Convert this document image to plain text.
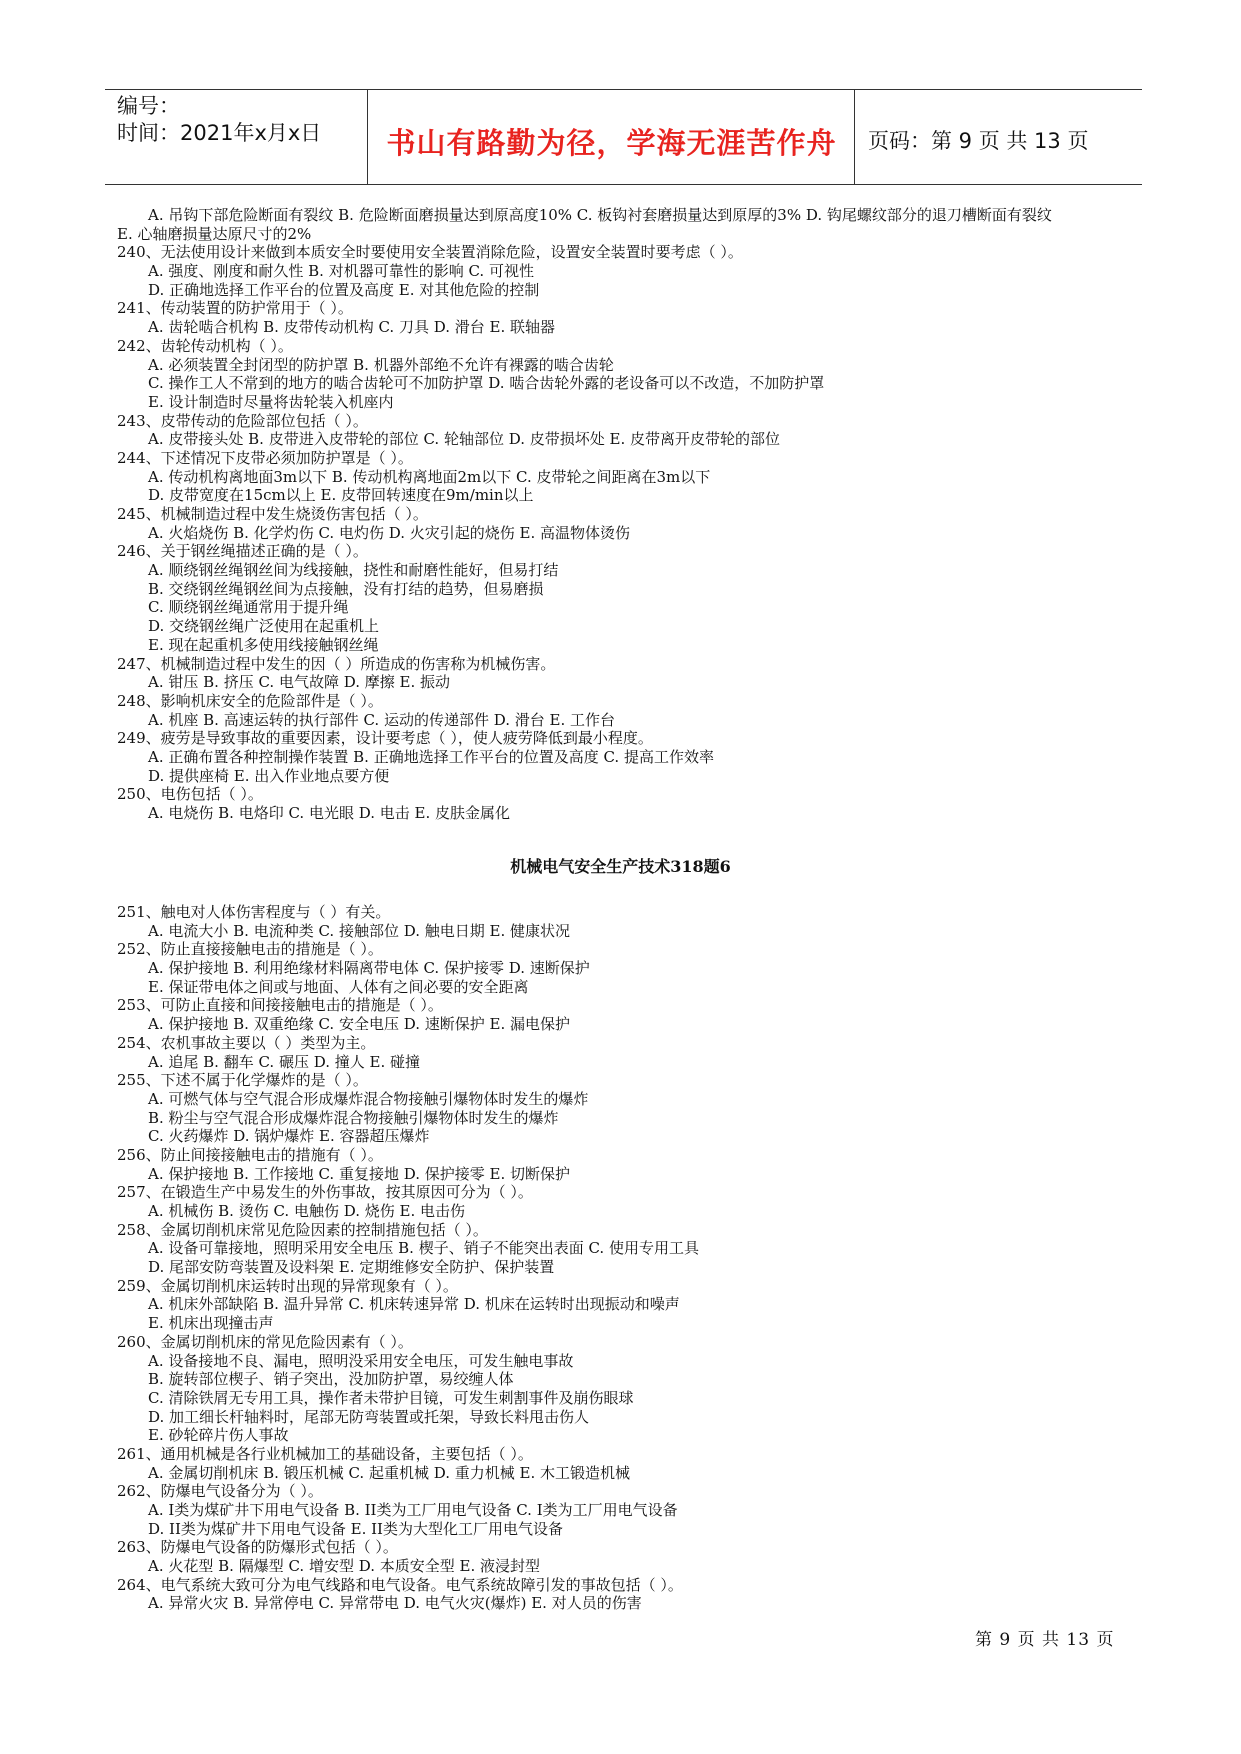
编号：
时间：2021年x月x日	书山有路勤为径，学海无涯苦作舟	页码：第 9 页 共 13 页
A. 吊钩下部危险断面有裂纹 B. 危险断面磨损量达到原高度10% C. 板钩衬套磨损量达到原厚的3% D. 钩尾螺纹部分的退刀槽断面有裂纹
E. 心轴磨损量达原尺寸的2%
240、无法使用设计来做到本质安全时要使用安全装置消除危险，设置安全装置时要考虑（ ）。
A. 强度、刚度和耐久性 B. 对机器可靠性的影响 C. 可视性
D. 正确地选择工作平台的位置及高度 E. 对其他危险的控制
241、传动装置的防护常用于（ ）。
A. 齿轮啮合机构 B. 皮带传动机构 C. 刀具 D. 滑台 E. 联轴器
242、齿轮传动机构（ ）。
A. 必须装置全封闭型的防护罩 B. 机器外部绝不允许有裸露的啮合齿轮
C. 操作工人不常到的地方的啮合齿轮可不加防护罩 D. 啮合齿轮外露的老设备可以不改造，不加防护罩
E. 设计制造时尽量将齿轮装入机座内
243、皮带传动的危险部位包括（ ）。
A. 皮带接头处 B. 皮带进入皮带轮的部位 C. 轮轴部位 D. 皮带损坏处 E. 皮带离开皮带轮的部位
244、下述情况下皮带必须加防护罩是（ ）。
A. 传动机构离地面3m以下 B. 传动机构离地面2m以下 C. 皮带轮之间距离在3m以下
D. 皮带宽度在15cm以上 E. 皮带回转速度在9m/min以上
245、机械制造过程中发生烧烫伤害包括（ ）。
A. 火焰烧伤 B. 化学灼伤 C. 电灼伤 D. 火灾引起的烧伤 E. 高温物体烫伤
246、关于钢丝绳描述正确的是（ ）。
A. 顺绕钢丝绳钢丝间为线接触，挠性和耐磨性能好，但易打结
B. 交绕钢丝绳钢丝间为点接触，没有打结的趋势，但易磨损
C. 顺绕钢丝绳通常用于提升绳
D. 交绕钢丝绳广泛使用在起重机上
E. 现在起重机多使用线接触钢丝绳
247、机械制造过程中发生的因（ ）所造成的伤害称为机械伤害。
A. 钳压 B. 挤压 C. 电气故障 D. 摩擦 E. 振动
248、影响机床安全的危险部件是（ ）。
A. 机座 B. 高速运转的执行部件 C. 运动的传递部件 D. 滑台 E. 工作台
249、疲劳是导致事故的重要因素，设计要考虑（ ），使人疲劳降低到最小程度。
A. 正确布置各种控制操作装置 B. 正确地选择工作平台的位置及高度 C. 提高工作效率
D. 提供座椅 E. 出入作业地点要方便
250、电伤包括（ ）。
A. 电烧伤 B. 电烙印 C. 电光眼 D. 电击 E. 皮肤金属化
机械电气安全生产技术318题6
251、触电对人体伤害程度与（ ）有关。
A. 电流大小 B. 电流种类 C. 接触部位 D. 触电日期 E. 健康状况
252、防止直接接触电击的措施是（ ）。
A. 保护接地 B. 利用绝缘材料隔离带电体 C. 保护接零 D. 速断保护
E. 保证带电体之间或与地面、人体有之间必要的安全距离
253、可防止直接和间接接触电击的措施是（ ）。
A. 保护接地 B. 双重绝缘 C. 安全电压 D. 速断保护 E. 漏电保护
254、农机事故主要以（ ）类型为主。
A. 追尾 B. 翻车 C. 碾压 D. 撞人 E. 碰撞
255、下述不属于化学爆炸的是（ ）。
A. 可燃气体与空气混合形成爆炸混合物接触引爆物体时发生的爆炸
B. 粉尘与空气混合形成爆炸混合物接触引爆物体时发生的爆炸
C. 火药爆炸 D. 锅炉爆炸 E. 容器超压爆炸
256、防止间接接触电击的措施有（ ）。
A. 保护接地 B. 工作接地 C. 重复接地 D. 保护接零 E. 切断保护
257、在锻造生产中易发生的外伤事故，按其原因可分为（ ）。
A. 机械伤 B. 烫伤 C. 电触伤 D. 烧伤 E. 电击伤
258、金属切削机床常见危险因素的控制措施包括（ ）。
A. 设备可靠接地，照明采用安全电压 B. 楔子、销子不能突出表面 C. 使用专用工具
D. 尾部安防弯装置及设料架 E. 定期维修安全防护、保护装置
259、金属切削机床运转时出现的异常现象有（ ）。
A. 机床外部缺陷 B. 温升异常 C. 机床转速异常 D. 机床在运转时出现振动和噪声
E. 机床出现撞击声
260、金属切削机床的常见危险因素有（ ）。
A. 设备接地不良、漏电，照明没采用安全电压，可发生触电事故
B. 旋转部位楔子、销子突出，没加防护罩，易绞缠人体
C. 清除铁屑无专用工具，操作者未带护目镜，可发生刺割事件及崩伤眼球
D. 加工细长杆轴料时，尾部无防弯装置或托架，导致长料甩击伤人
E. 砂轮碎片伤人事故
261、通用机械是各行业机械加工的基础设备，主要包括（ ）。
A. 金属切削机床 B. 锻压机械 C. 起重机械 D. 重力机械 E. 木工锻造机械
262、防爆电气设备分为（ ）。
A. I类为煤矿井下用电气设备 B. II类为工厂用电气设备 C. I类为工厂用电气设备
D. II类为煤矿井下用电气设备 E. II类为大型化工厂用电气设备
263、防爆电气设备的防爆形式包括（ ）。
A. 火花型 B. 隔爆型 C. 增安型 D. 本质安全型 E. 液浸封型
264、电气系统大致可分为电气线路和电气设备。电气系统故障引发的事故包括（ ）。
A. 异常火灾 B. 异常停电 C. 异常带电 D. 电气火灾(爆炸) E. 对人员的伤害
第 9 页 共 13 页
